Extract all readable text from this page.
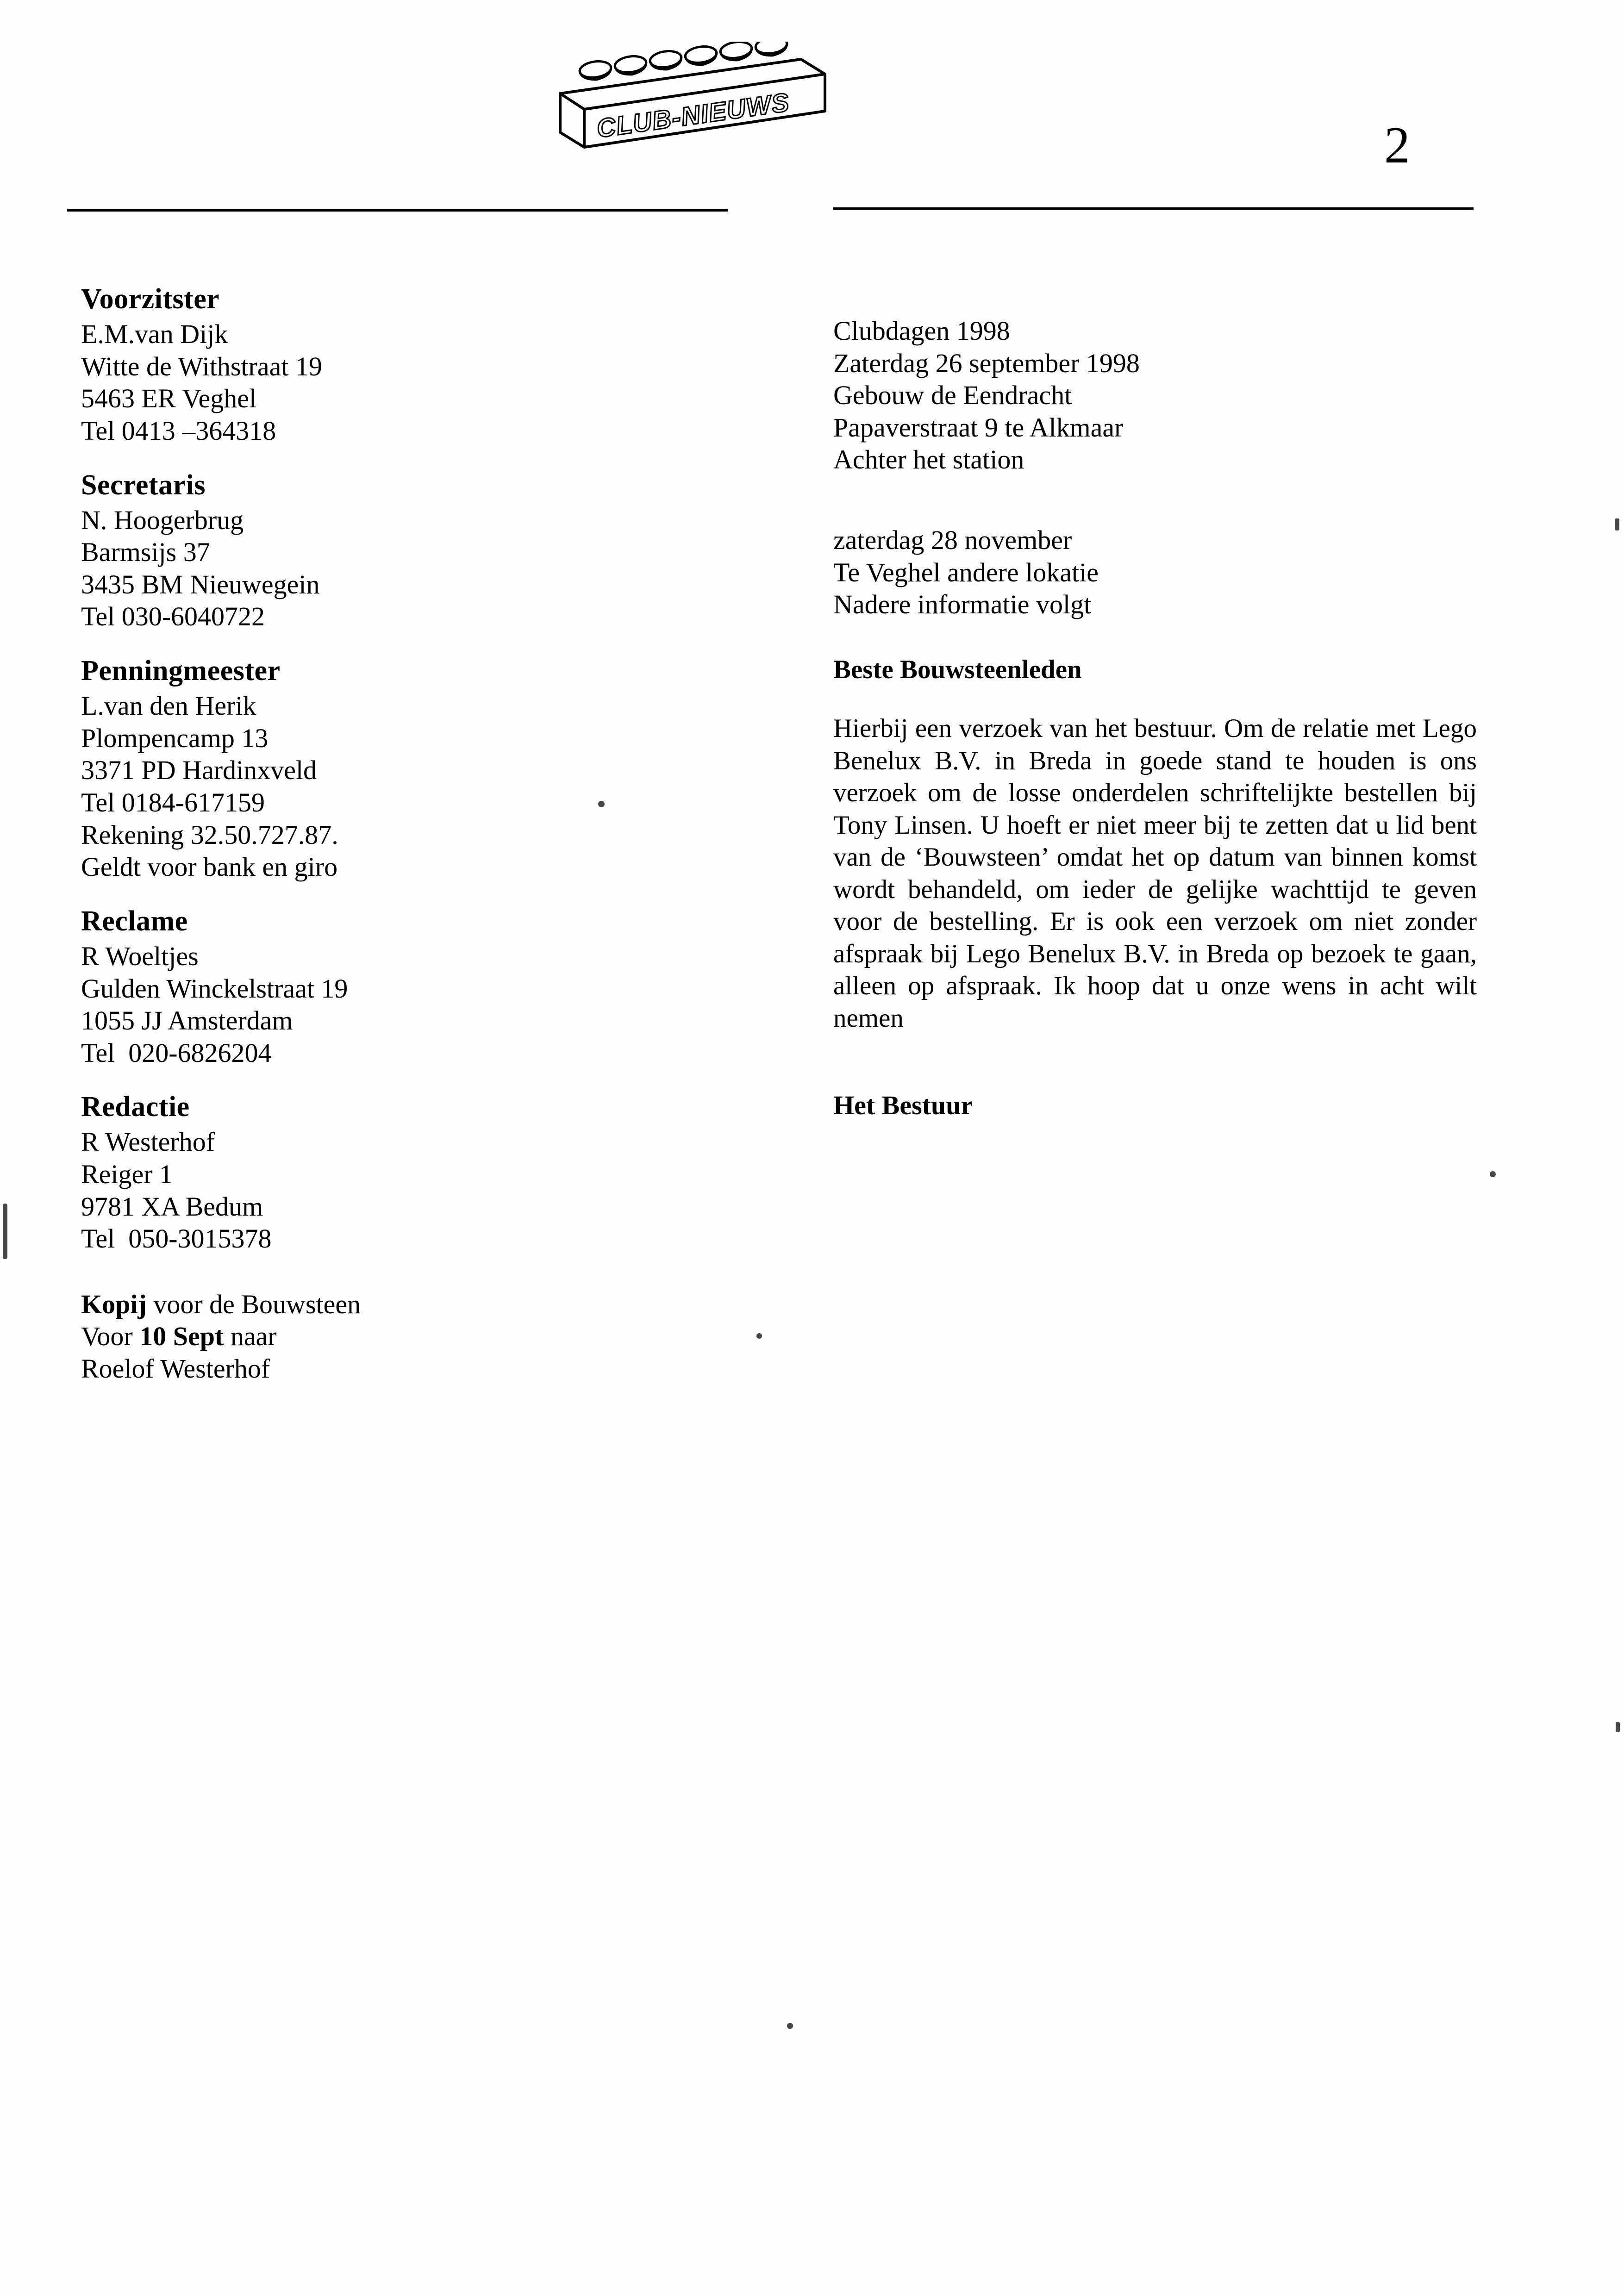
CLUB-NIEUWS
2
Voorzitster
E.M.van Dijk
Witte de Withstraat 19
5463 ER Veghel
Tel 0413 –364318
Secretaris
N. Hoogerbrug
Barmsijs 37
3435 BM Nieuwegein
Tel 030-6040722
Penningmeester
L.van den Herik
Plompencamp 13
3371 PD Hardinxveld
Tel 0184-617159
Rekening 32.50.727.87.
Geldt voor bank en giro
Reclame
R Woeltjes
Gulden Winckelstraat 19
1055 JJ Amsterdam
Tel  020-6826204
Redactie
R Westerhof
Reiger 1
9781 XA Bedum
Tel  050-3015378
Kopij voor de Bouwsteen
Voor 10 Sept naar
Roelof Westerhof
Clubdagen 1998
Zaterdag 26 september 1998
Gebouw de Eendracht
Papaverstraat 9 te Alkmaar
Achter het station
zaterdag 28 november
Te Veghel andere lokatie
Nadere informatie volgt
Beste Bouwsteenleden
Hierbij een verzoek van het bestuur. Om de relatie met Lego Benelux B.V. in Breda in goede stand te houden is ons verzoek om de losse onderdelen schriftelijkte bestellen bij Tony Linsen. U hoeft er niet meer bij te zetten dat u lid bent van de ‘Bouwsteen’ omdat het op datum van binnen komst wordt behandeld, om ieder de gelijke wachttijd te geven voor de bestelling. Er is ook een verzoek om niet zonder afspraak bij Lego Benelux B.V. in Breda op bezoek te gaan, alleen op afspraak. Ik hoop dat u onze wens in acht wilt nemen
Het Bestuur
